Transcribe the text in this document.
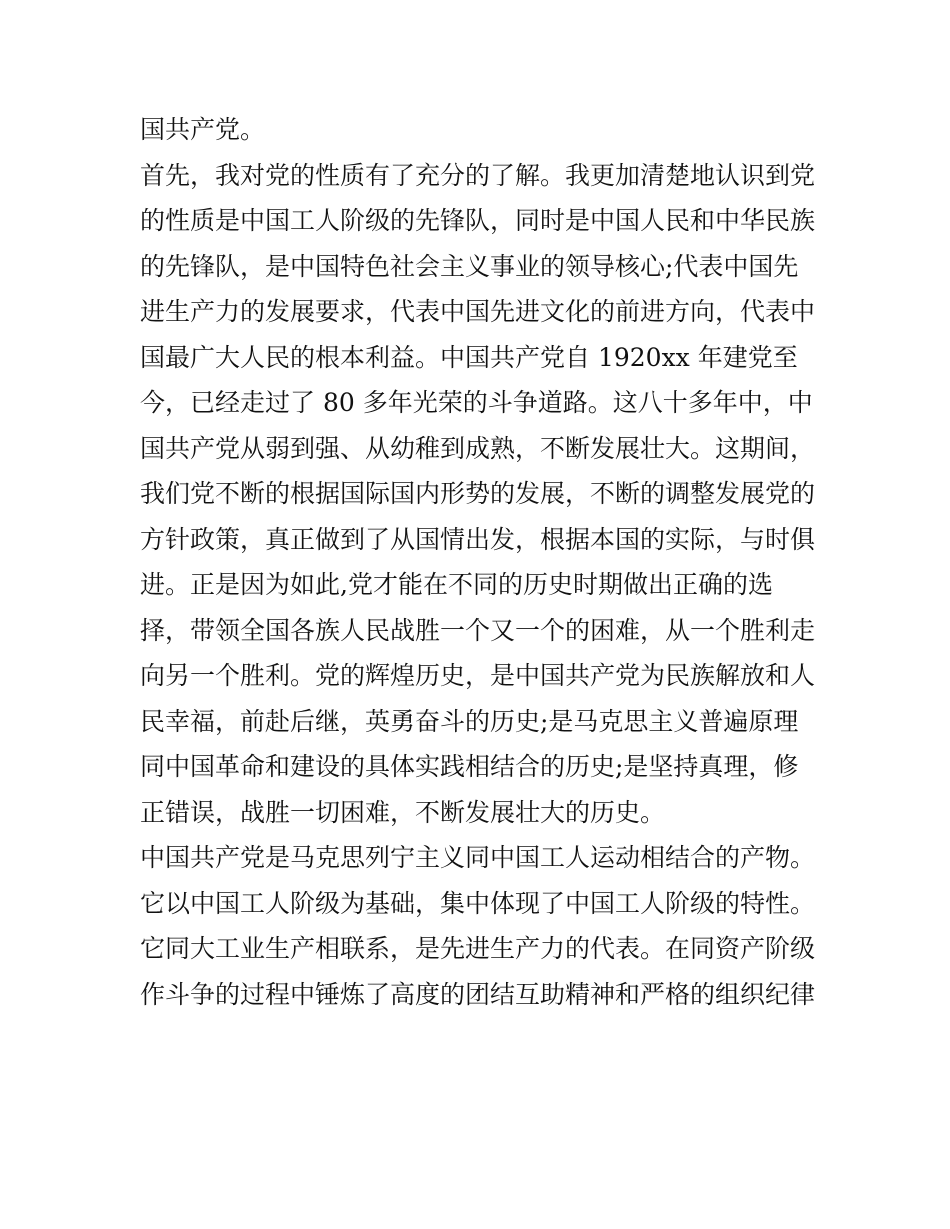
国共产党。
首先，我对党的性质有了充分的了解。我更加清楚地认识到党
的性质是中国工人阶级的先锋队，同时是中国人民和中华民族
的先锋队，是中国特色社会主义事业的领导核心;代表中国先
进生产力的发展要求，代表中国先进文化的前进方向，代表中
国最广大人民的根本利益。中国共产党自 1920xx 年建党至
今，已经走过了 80 多年光荣的斗争道路。这八十多年中，中
国共产党从弱到强、从幼稚到成熟，不断发展壮大。这期间，
我们党不断的根据国际国内形势的发展，不断的调整发展党的
方针政策，真正做到了从国情出发，根据本国的实际，与时俱
进。正是因为如此,党才能在不同的历史时期做出正确的选
择，带领全国各族人民战胜一个又一个的困难，从一个胜利走
向另一个胜利。党的辉煌历史，是中国共产党为民族解放和人
民幸福，前赴后继，英勇奋斗的历史;是马克思主义普遍原理
同中国革命和建设的具体实践相结合的历史;是坚持真理，修
正错误，战胜一切困难，不断发展壮大的历史。
中国共产党是马克思列宁主义同中国工人运动相结合的产物。
它以中国工人阶级为基础，集中体现了中国工人阶级的特性。
它同大工业生产相联系，是先进生产力的代表。在同资产阶级
作斗争的过程中锤炼了高度的团结互助精神和严格的组织纪律
